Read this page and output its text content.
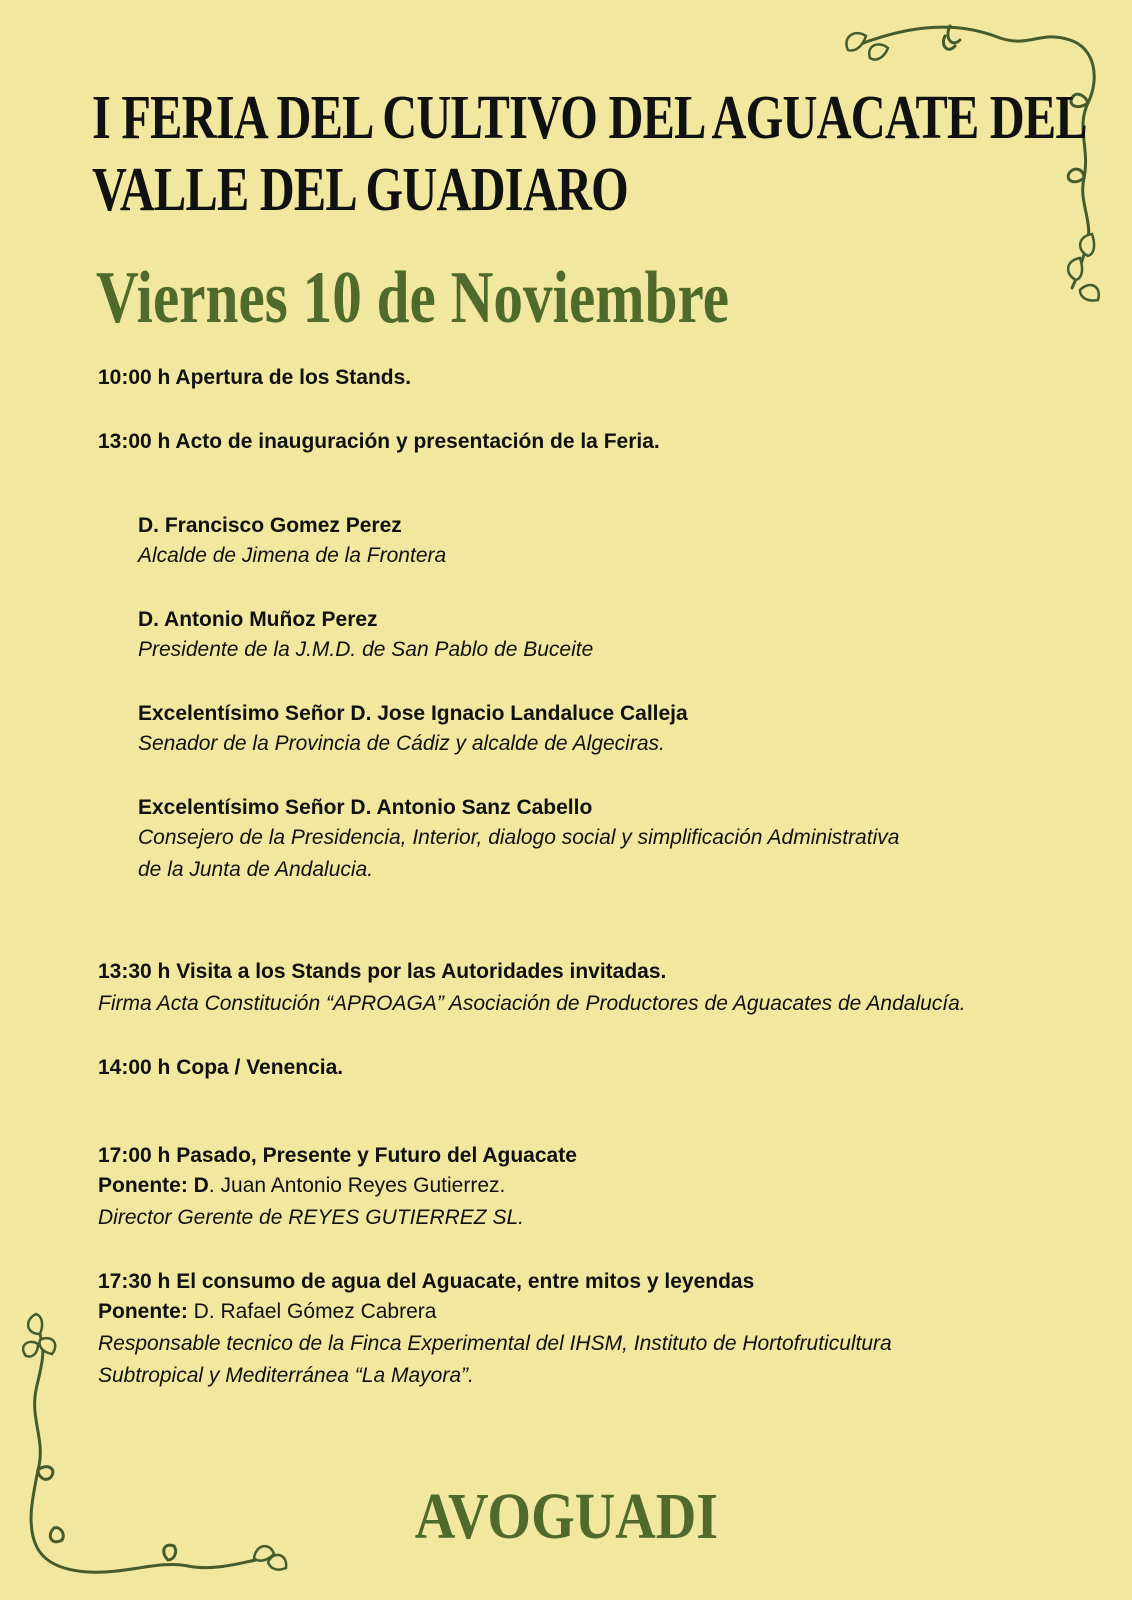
I FERIA DEL CULTIVO DEL AGUACATE DEL
VALLE DEL GUADIARO
Viernes 10 de Noviembre
10:00 h Apertura de los Stands.
13:00 h Acto de inauguración y presentación de la Feria.
D. Francisco Gomez Perez
Alcalde de Jimena de la Frontera
D. Antonio Muñoz Perez
Presidente de la J.M.D. de San Pablo de Buceite
Excelentísimo Señor D. Jose Ignacio Landaluce Calleja
Senador de la Provincia de Cádiz y alcalde de Algeciras.
Excelentísimo Señor D. Antonio Sanz Cabello
Consejero de la Presidencia, Interior, dialogo social y simplificación Administrativa
de la Junta de Andalucia.
13:30 h Visita a los Stands por las Autoridades invitadas.
Firma Acta Constitución “APROAGA” Asociación de Productores de Aguacates de Andalucía.
14:00 h Copa / Venencia.
17:00 h Pasado, Presente y Futuro del Aguacate
Ponente: D. Juan Antonio Reyes Gutierrez.
Director Gerente de REYES GUTIERREZ SL.
17:30 h El consumo de agua del Aguacate, entre mitos y leyendas
Ponente: D. Rafael Gómez Cabrera
Responsable tecnico de la Finca Experimental del IHSM, Instituto de Hortofruticultura
Subtropical y Mediterránea “La Mayora”.
AVOGUADI
